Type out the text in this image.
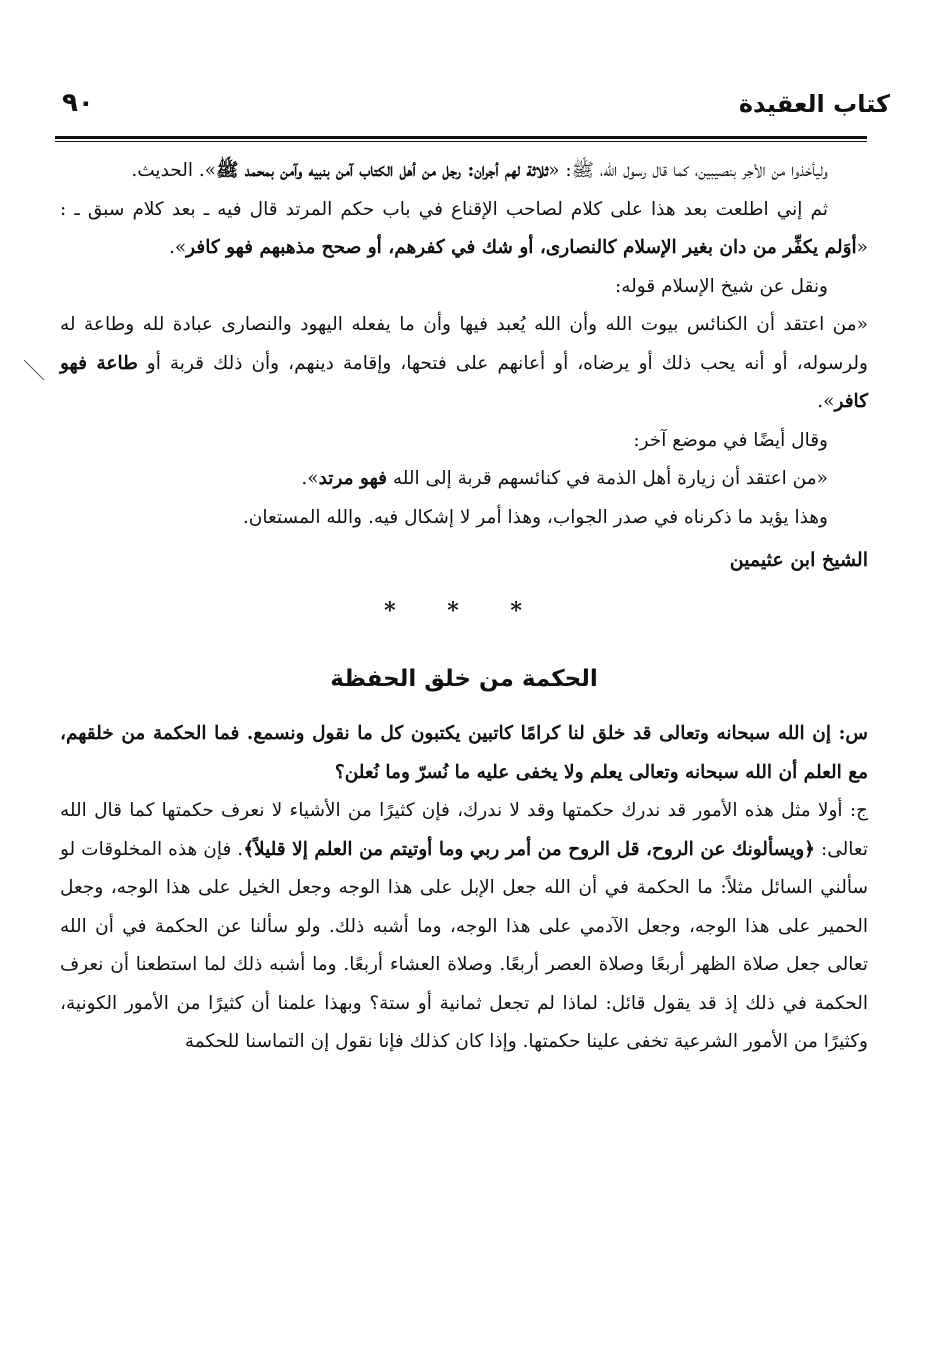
كتاب العقيدة
٩٠

وليأخذوا من الأجر بنصيبين، كما قال رسول الله، ﷺ: «ثلاثة لهم أجران: رجل من أهل الكتاب آمن بنبيه وآمن بمحمد ﷺ». الحديث.

ثم إني اطلعت بعد هذا على كلام لصاحب الإقناع في باب حكم المرتد قال فيه ـ بعد كلام سبق ـ : «أوَلم يكفِّر من دان بغير الإسلام كالنصارى، أو شك في كفرهم، أو صحح مذهبهم فهو كافر».

ونقل عن شيخ الإسلام قوله:

«من اعتقد أن الكنائس بيوت الله وأن الله يُعبد فيها وأن ما يفعله اليهود والنصارى عبادة لله وطاعة له ولرسوله، أو أنه يحب ذلك أو يرضاه، أو أعانهم على فتحها، وإقامة دينهم، وأن ذلك قربة أو طاعة فهو كافر».

وقال أيضًا في موضع آخر:

«من اعتقد أن زيارة أهل الذمة في كنائسهم قربة إلى الله فهو مرتد».

وهذا يؤيد ما ذكرناه في صدر الجواب، وهذا أمر لا إشكال فيه. والله المستعان.

الشيخ ابن عثيمين

* * *

الحكمة من خلق الحفظة

س: إن الله سبحانه وتعالى قد خلق لنا كرامًا كاتبين يكتبون كل ما نقول ونسمع. فما الحكمة من خلقهم، مع العلم أن الله سبحانه وتعالى يعلم ولا يخفى عليه ما نُسرّ وما نُعلن؟

ج: أولا مثل هذه الأمور قد ندرك حكمتها وقد لا ندرك، فإن كثيرًا من الأشياء لا نعرف حكمتها كما قال الله تعالى: ﴿ويسألونك عن الروح، قل الروح من أمر ربي وما أوتيتم من العلم إلا قليلاً﴾. فإن هذه المخلوقات لو سألني السائل مثلاً: ما الحكمة في أن الله جعل الإبل على هذا الوجه وجعل الخيل على هذا الوجه، وجعل الحمير على هذا الوجه، وجعل الآدمي على هذا الوجه، وما أشبه ذلك. ولو سألنا عن الحكمة في أن الله تعالى جعل صلاة الظهر أربعًا وصلاة العصر أربعًا. وصلاة العشاء أربعًا. وما أشبه ذلك لما استطعنا أن نعرف الحكمة في ذلك إذ قد يقول قائل: لماذا لم تجعل ثمانية أو ستة؟ وبهذا علمنا أن كثيرًا من الأمور الكونية، وكثيرًا من الأمور الشرعية تخفى علينا حكمتها. وإذا كان كذلك فإنا نقول إن التماسنا للحكمة
